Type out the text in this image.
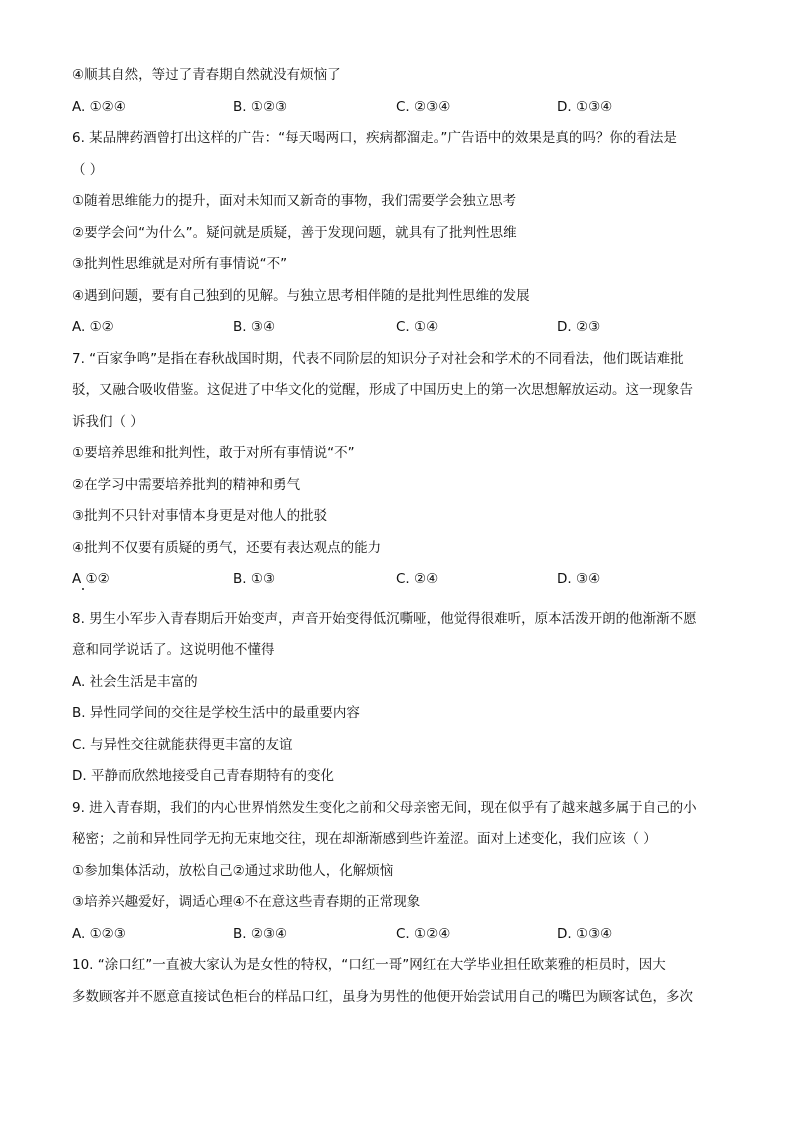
④顺其自然，等过了青春期自然就没有烦恼了
A. ①②④	B. ①②③	C. ②③④	D. ①③④
6. 某品牌药酒曾打出这样的广告：“每天喝两口，疾病都溜走。”广告语中的效果是真的吗？你的看法是
（ ）
①随着思维能力的提升，面对未知而又新奇的事物，我们需要学会独立思考
②要学会问“为什么”。疑问就是质疑，善于发现问题，就具有了批判性思维
③批判性思维就是对所有事情说“不”
④遇到问题，要有自己独到的见解。与独立思考相伴随的是批判性思维的发展
A. ①②	B. ③④	C. ①④	D. ②③
7. “百家争鸣”是指在春秋战国时期，代表不同阶层的知识分子对社会和学术的不同看法，他们既诘难批
驳，又融合吸收借鉴。这促进了中华文化的觉醒，形成了中国历史上的第一次思想解放运动。这一现象告
诉我们（ ）
①要培养思维和批判性，敢于对所有事情说“不”
②在学习中需要培养批判的精神和勇气
③批判不只针对事情本身更是对他人的批驳
④批判不仅要有质疑的勇气，还要有表达观点的能力
A ①②	B. ①③	C. ②④	D. ③④
8. 男生小军步入青春期后开始变声，声音开始变得低沉嘶哑，他觉得很难听，原本活泼开朗的他渐渐不愿
意和同学说话了。这说明他不懂得
A. 社会生活是丰富的
B. 异性同学间的交往是学校生活中的最重要内容
C. 与异性交往就能获得更丰富的友谊
D. 平静而欣然地接受自己青春期特有的变化
9. 进入青春期，我们的内心世界悄然发生变化之前和父母亲密无间，现在似乎有了越来越多属于自己的小
秘密；之前和异性同学无拘无束地交往，现在却渐渐感到些许羞涩。面对上述变化，我们应该（ ）
①参加集体活动，放松自己②通过求助他人，化解烦恼
③培养兴趣爱好，调适心理④不在意这些青春期的正常现象
A. ①②③	B. ②③④	C. ①②④	D. ①③④
10. “涂口红”一直被大家认为是女性的特权，“口红一哥”网红在大学毕业担任欧莱雅的柜员时，因大
多数顾客并不愿意直接试色柜台的样品口红，虽身为男性的他便开始尝试用自己的嘴巴为顾客试色，多次
